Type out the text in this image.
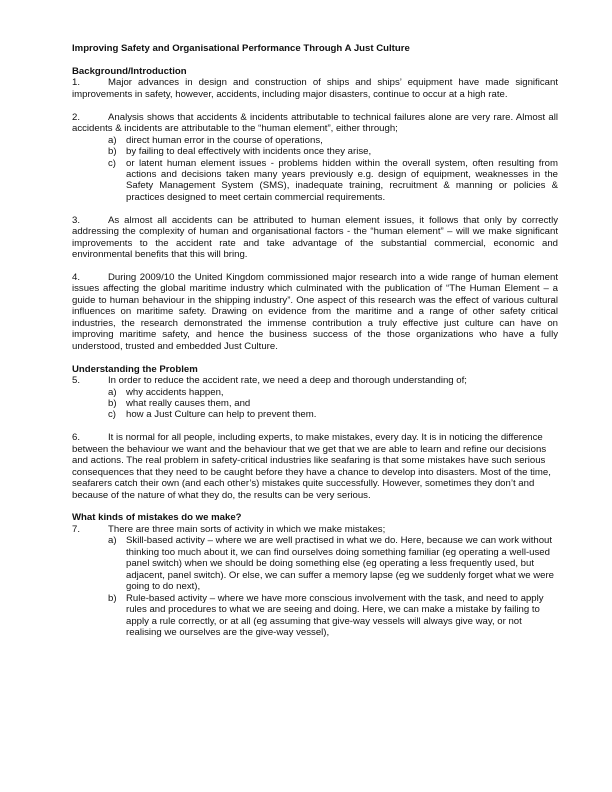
Improving Safety and Organisational Performance Through A Just Culture

Background/Introduction

1.	Major advances in design and construction of ships and ships’ equipment have made significant improvements in safety, however, accidents, including major disasters, continue to occur at a high rate.

2.	Analysis shows that accidents & incidents attributable to technical failures alone are very rare. Almost all accidents & incidents are attributable to the “human element”, either through;

a) direct human error in the course of operations,
b) by failing to deal effectively with incidents once they arise,
c) or latent human element issues - problems hidden within the overall system, often resulting from actions and decisions taken many years previously e.g. design of equipment, weaknesses in the Safety Management System (SMS), inadequate training, recruitment & manning or policies & practices designed to meet certain commercial requirements.

3.	As almost all accidents can be attributed to human element issues, it follows that only by correctly addressing the complexity of human and organisational factors - the “human element” – will we make significant improvements to the accident rate and take advantage of the substantial commercial, economic and environmental benefits that this will bring.

4.	During 2009/10 the United Kingdom commissioned major research into a wide range of human element issues affecting the global maritime industry which culminated with the publication of “The Human Element – a guide to human behaviour in the shipping industry”. One aspect of this research was the effect of various cultural influences on maritime safety. Drawing on evidence from the maritime and a range of other safety critical industries, the research demonstrated the immense contribution a truly effective just culture can have on improving maritime safety, and hence the business success of the those organizations who have a fully understood, trusted and embedded Just Culture.

Understanding the Problem

5.	In order to reduce the accident rate, we need a deep and thorough understanding of;

a) why accidents happen,
b) what really causes them, and
c) how a Just Culture can help to prevent them.

6.	It is normal for all people, including experts, to make mistakes, every day. It is in noticing the difference between the behaviour we want and the behaviour that we get that we are able to learn and refine our decisions and actions. The real problem in safety-critical industries like seafaring is that some mistakes have such serious consequences that they need to be caught before they have a chance to develop into disasters. Most of the time, seafarers catch their own (and each other’s) mistakes quite successfully. However, sometimes they don’t and because of the nature of what they do, the results can be very serious.

What kinds of mistakes do we make?

7.	There are three main sorts of activity in which we make mistakes;

a) Skill-based activity – where we are well practised in what we do. Here, because we can work without thinking too much about it, we can find ourselves doing something familiar (eg operating a well-used panel switch) when we should be doing something else (eg operating a less frequently used, but adjacent, panel switch). Or else, we can suffer a memory lapse (eg we suddenly forget what we were going to do next),
b) Rule-based activity – where we have more conscious involvement with the task, and need to apply rules and procedures to what we are seeing and doing. Here, we can make a mistake by failing to apply a rule correctly, or at all (eg assuming that give-way vessels will always give way, or not realising we ourselves are the give-way vessel),
